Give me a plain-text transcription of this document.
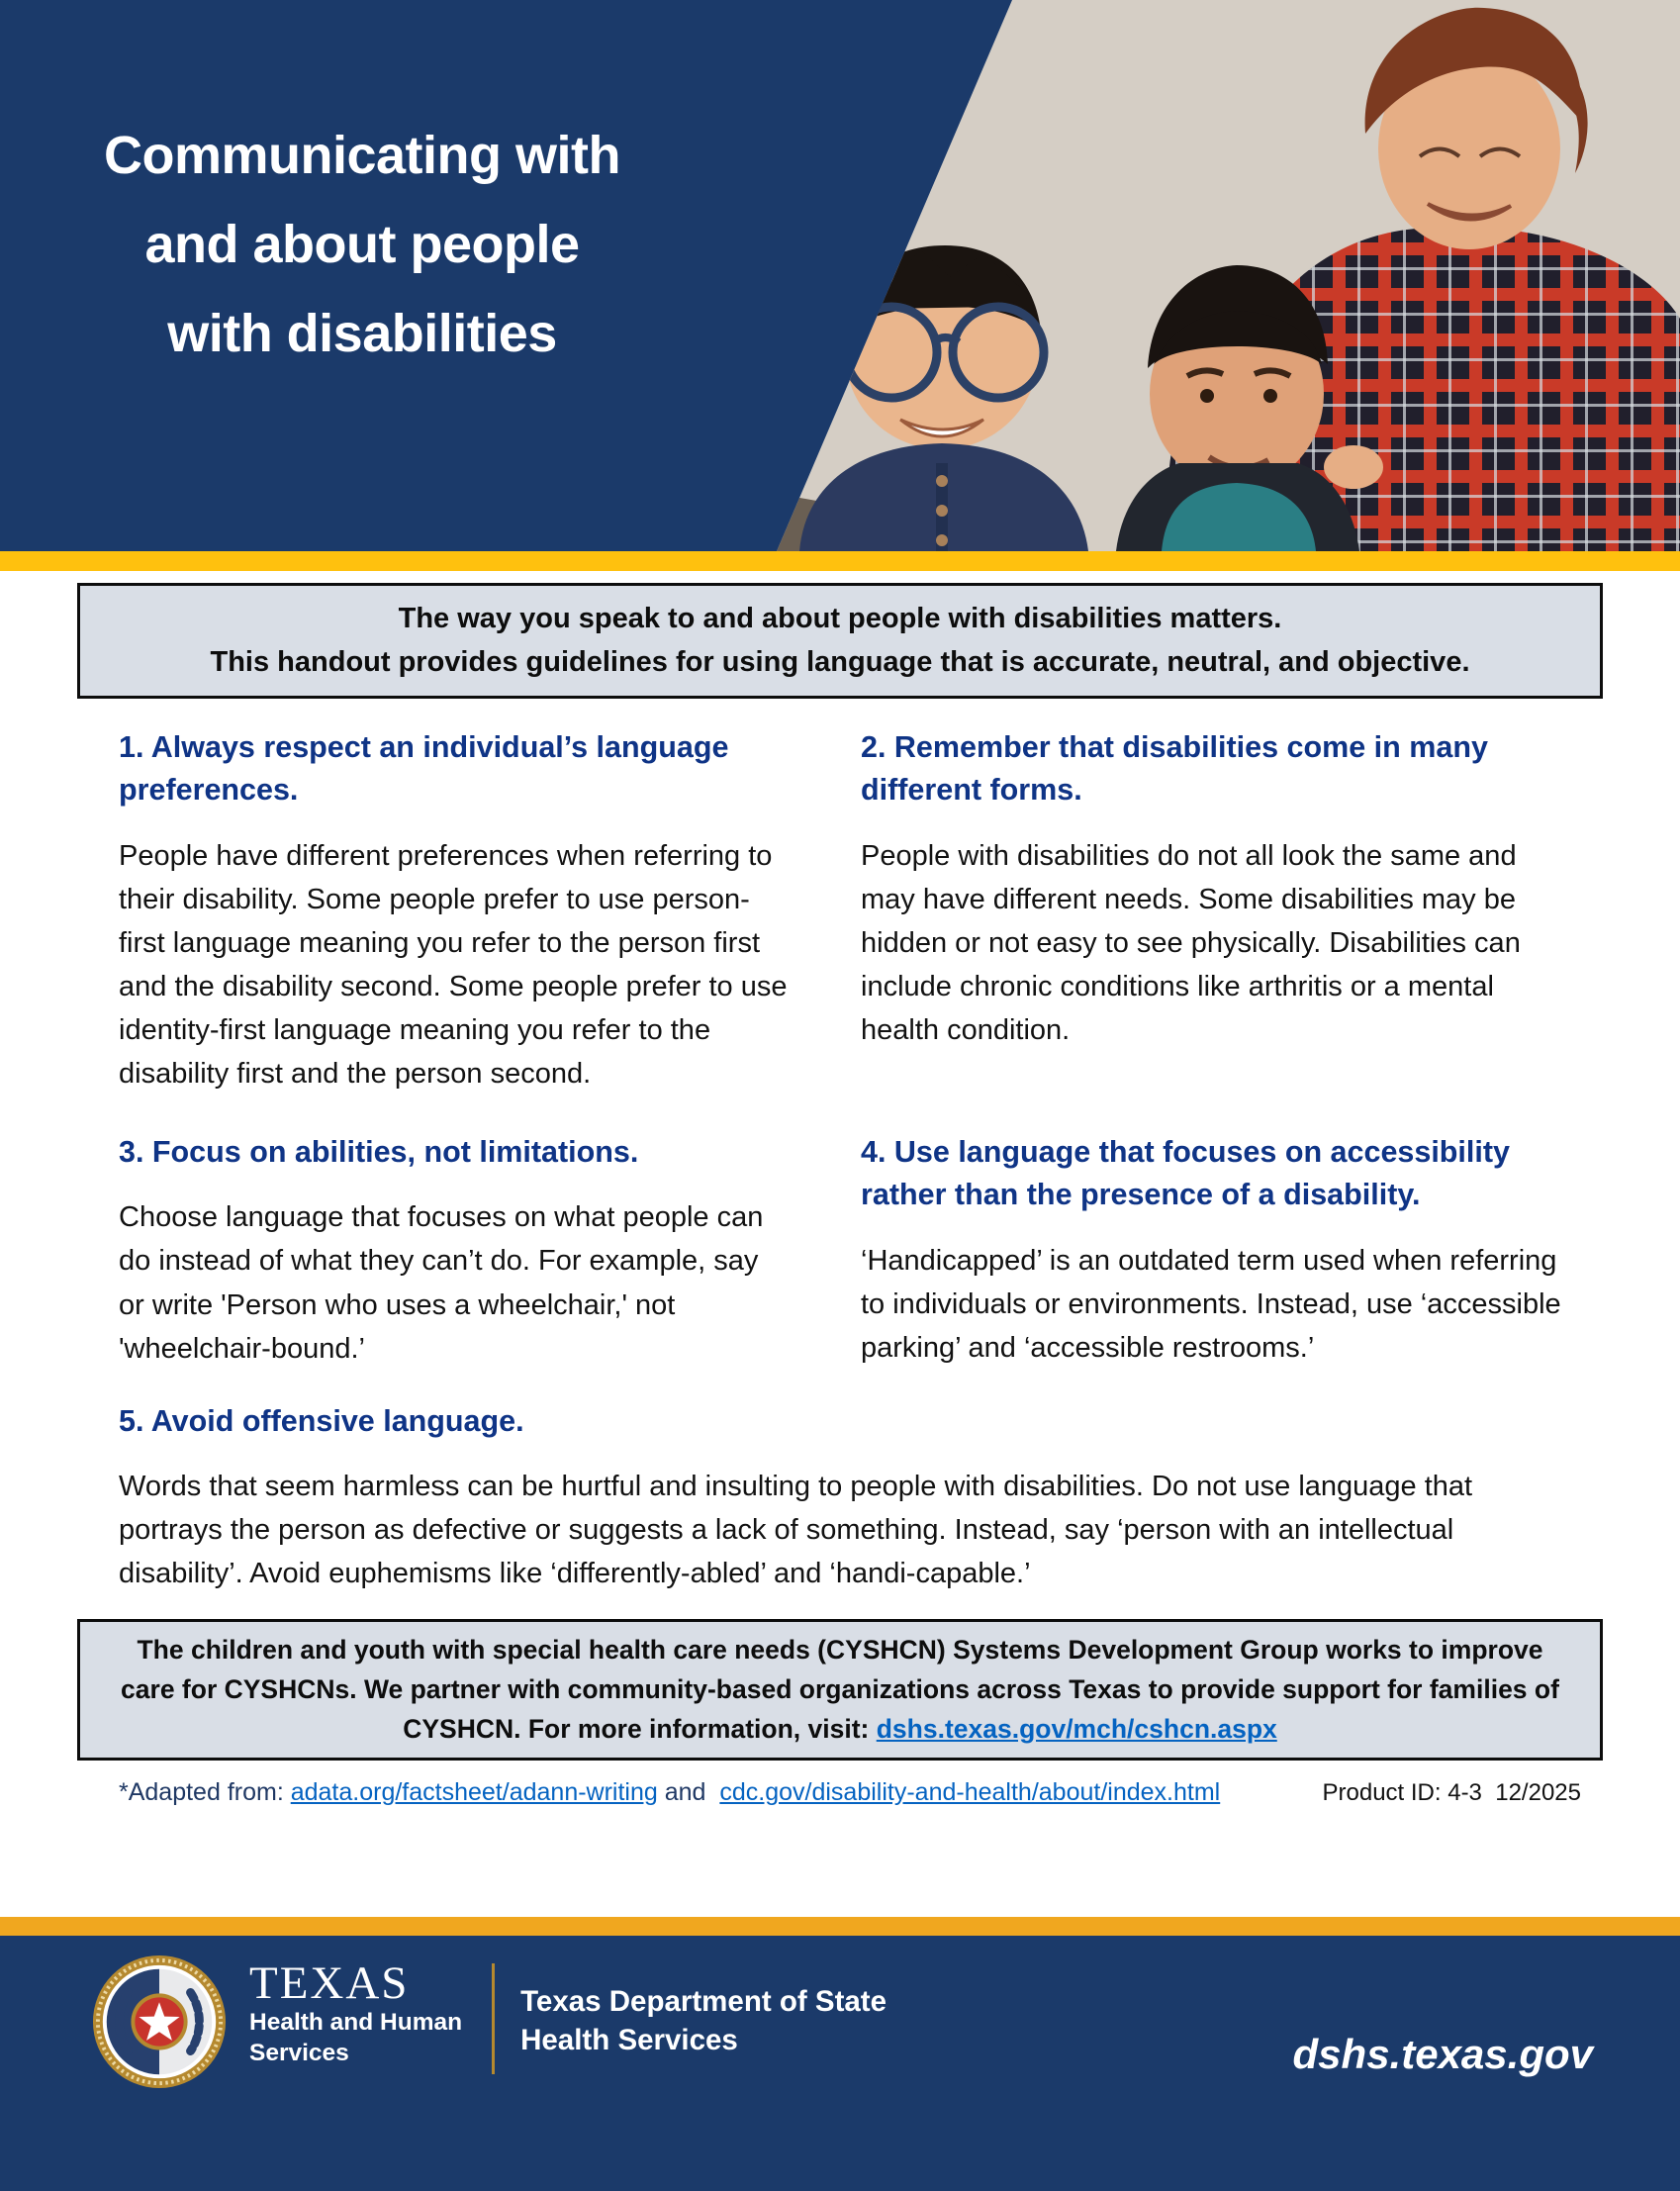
Communicating with
and about people
with disabilities
The way you speak to and about people with disabilities matters.
This handout provides guidelines for using language that is accurate, neutral, and objective.
1. Always respect an individual’s language preferences.

People have different preferences when referring to their disability. Some people prefer to use person-first language meaning you refer to the person first and the disability second. Some people prefer to use identity-first language meaning you refer to the disability first and the person second.

2. Remember that disabilities come in many different forms.

People with disabilities do not all look the same and may have different needs. Some disabilities may be hidden or not easy to see physically. Disabilities can include chronic conditions like arthritis or a mental health condition.

3. Focus on abilities, not limitations.

Choose language that focuses on what people can do instead of what they can’t do. For example, say or write 'Person who uses a wheelchair,' not 'wheelchair-bound.’

4. Use language that focuses on accessibility rather than the presence of a disability.

‘Handicapped’ is an outdated term used when referring to individuals or environments. Instead, use ‘accessible parking’ and ‘accessible restrooms.’

5. Avoid offensive language.

Words that seem harmless can be hurtful and insulting to people with disabilities. Do not use language that portrays the person as defective or suggests a lack of something. Instead, say ‘person with an intellectual disability’. Avoid euphemisms like ‘differently-abled’ and ‘handi-capable.’

The children and youth with special health care needs (CYSHCN) Systems Development Group works to improve care for CYSHCNs. We partner with community-based organizations across Texas to provide support for families of CYSHCN. For more information, visit: dshs.texas.gov/mch/cshcn.aspx
*Adapted from: adata.org/factsheet/adann-writing and  cdc.gov/disability-and-health/about/index.html	Product ID: 4-3  12/2025
TEXAS
Health and Human
Services
Texas Department of State
Health Services	dshs.texas.gov
